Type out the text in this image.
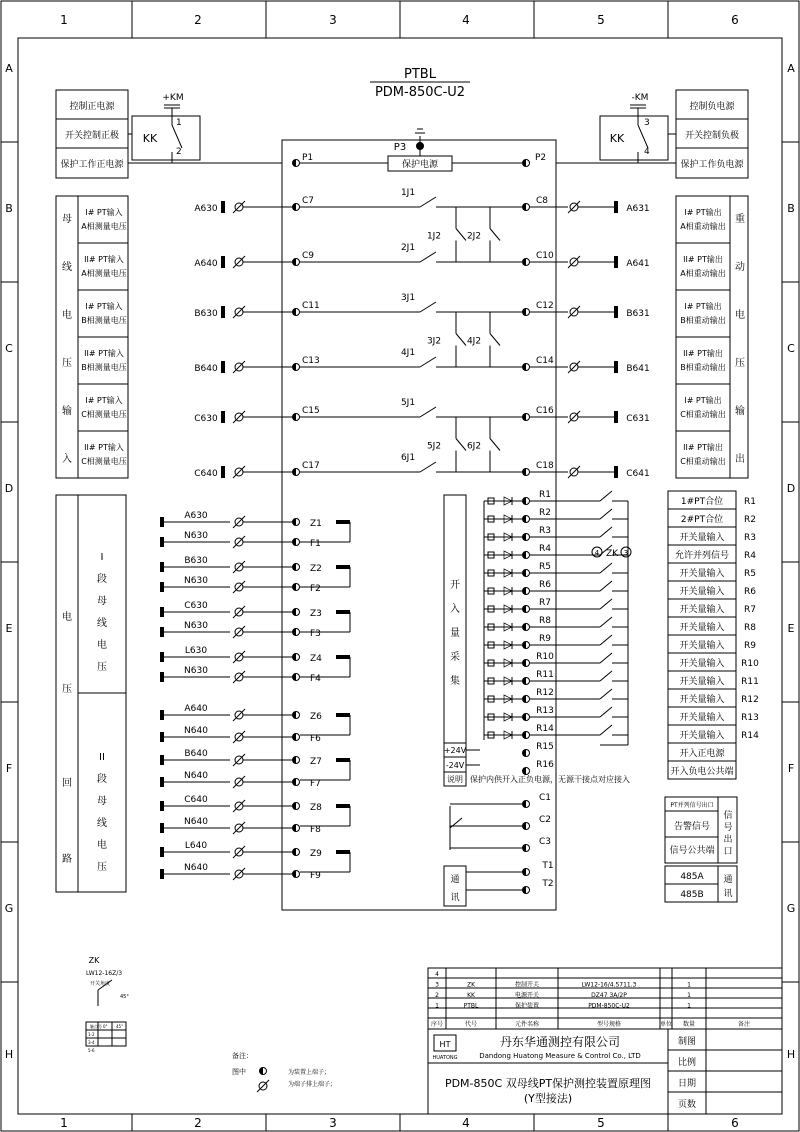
PTBL
PDM-850C-U2
1
1
2
2
3
3
4
4
5
5
6
6
A	A
B	B
C	C
D	D
E	E
F	F
G	G
H	H
控制正电源
开关控制正极
保护工作正电源
控制负电源
开关控制负极
保护工作负电源
KK
+KM
1
2
KK
-KM
3
4
P1	P2
保护电源
P3
母
线
电
压
输
入
重
动
电
压
输
出
I# PT输入
A相测量电压
I# PT输出
A相重动输出
A630
C7
1J1
C8
A631
II# PT输入
A相测量电压
II# PT输出
A相重动输出
A640
C9
2J1
C10
A641
I# PT输入
B相测量电压
I# PT输出
B相重动输出
B630
C11
3J1
C12
B631
II# PT输入
B相测量电压
II# PT输出
B相重动输出
B640
C13
4J1
C14
B641
I# PT输入
C相测量电压
I# PT输出
C相重动输出
C630
C15
5J1
C16
C631
II# PT输入
C相测量电压
II# PT输出
C相重动输出
C640
C17
6J1
C18
C641
1J2	2J2
3J2	4J2
5J2	6J2
电
压
回
路
I
段
母
线
电
压
II
段
母
线
电
压
A630
Z1
N630
F1
B630
Z2
N630
F2
C630
Z3
N630
F3
L630
Z4
N630
F4
A640
Z6
N640
F6
B640
Z7
N640
F7
C640
Z8
N640
F8
L640
Z9
N640
F9
开
入
量
采
集
+24V
-24V
说明 保护内供开入正负电源，无源干接点对应接入
R1
R2
R3
R4
R5
R6
R7
R8
R9
R10
R11
R12
R13
R14
R15
R16
4 ZK 3
1#PT合位 R1
2#PT合位 R2
开关量输入 R3
允许并列信号 R4
开关量输入 R5
开关量输入 R6
开关量输入 R7
开关量输入 R8
开关量输入 R9
开关量输入 R10
开关量输入 R11
开关量输入 R12
开关量输入 R13
开关量输入 R14
开入正电源
开入负电公共端
PT并列信号出口
告警信号
信号公共端
信
号
出
口
C1
C2
C3
通
讯
T1
T2
485A
485B
通
讯
ZK
LW12-16Z/3
开关角度
45°
触点号 0° 45°
1-2
3-4
5-6
备注：
图中	为装置上端子；
为端子排上端子；
4
3	ZK	控制开关	LW12-16/4.5711.3	1
2	KK	电源开关	DZ47 3A/2P	1
1	PTBL	保护装置	PDM-850C-U2	1
序号	代号	元件名称	型号规格	单位 数量	备注
HT
HUATONG
丹东华通测控有限公司
Dandong Huatong Measure & Control Co., LTD
PDM-850C 双母线PT保护测控装置原理图
(Y型接法)
制图
比例
日期
页数
